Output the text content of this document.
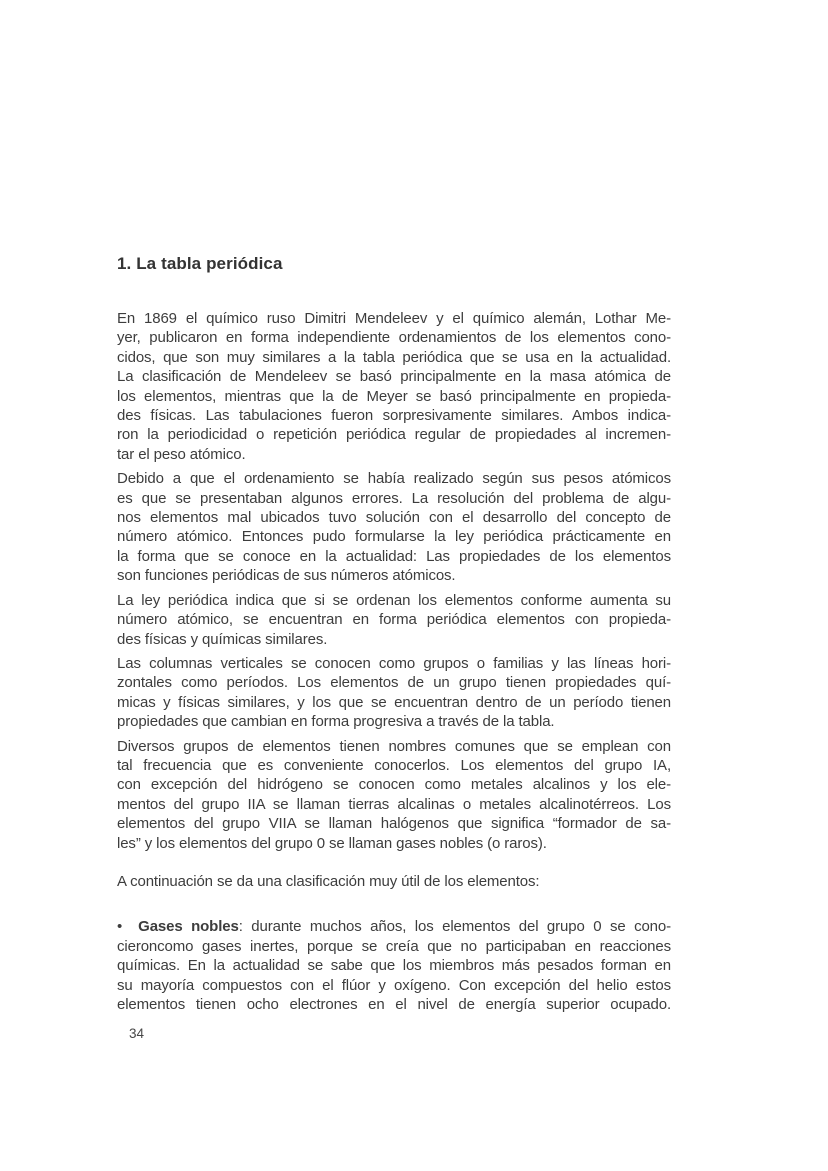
1. La tabla periódica
En 1869 el químico ruso Dimitri Mendeleev y el químico alemán, Lothar Me-
yer, publicaron en forma independiente ordenamientos de los elementos cono-
cidos, que son muy similares a la tabla periódica que se usa en la actualidad.
La clasificación de Mendeleev se basó principalmente en la masa atómica de
los elementos, mientras que la de Meyer se basó principalmente en propieda-
des físicas. Las tabulaciones fueron sorpresivamente similares. Ambos indica-
ron la periodicidad o repetición periódica regular de propiedades al incremen-
tar el peso atómico.
Debido a que el ordenamiento se había realizado según sus pesos atómicos
es que se presentaban algunos errores. La resolución del problema de algu-
nos elementos mal ubicados tuvo solución con el desarrollo del concepto de
número atómico. Entonces pudo formularse la ley periódica prácticamente en
la forma que se conoce en la actualidad: Las propiedades de los elementos
son funciones periódicas de sus números atómicos.
La ley periódica indica que si se ordenan los elementos conforme aumenta su
número atómico, se encuentran en forma periódica elementos con propieda-
des físicas y químicas similares.
Las columnas verticales se conocen como grupos o familias y las líneas hori-
zontales como períodos. Los elementos de un grupo tienen propiedades quí-
micas y físicas similares, y los que se encuentran dentro de un período tienen
propiedades que cambian en forma progresiva a través de la tabla.
Diversos grupos de elementos tienen nombres comunes que se emplean con
tal frecuencia que es conveniente conocerlos. Los elementos del grupo IA,
con excepción del hidrógeno se conocen como metales alcalinos y los ele-
mentos del grupo IIA se llaman tierras alcalinas o metales alcalinotérreos. Los
elementos del grupo VIIA se llaman halógenos que significa “formador de sa-
les” y los elementos del grupo 0 se llaman gases nobles (o raros).
A continuación se da una clasificación muy útil de los elementos:
• Gases nobles: durante muchos años, los elementos del grupo 0 se cono-
cieroncomo gases inertes, porque se creía que no participaban en reacciones
químicas. En la actualidad se sabe que los miembros más pesados forman en
su mayoría compuestos con el flúor y oxígeno. Con excepción del helio estos
elementos tienen ocho electrones en el nivel de energía superior ocupado.
34
